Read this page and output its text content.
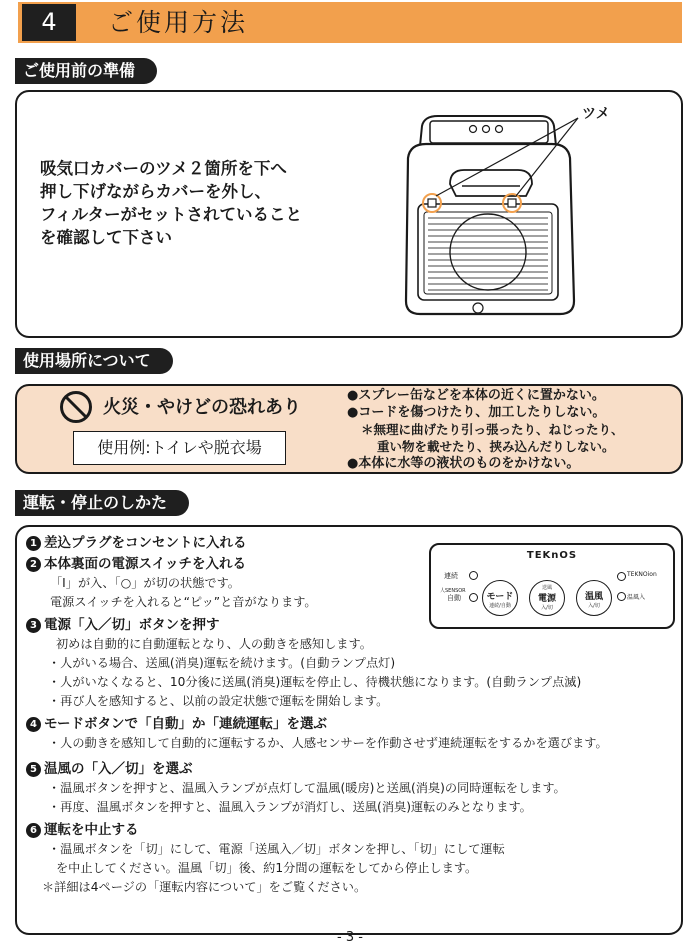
4	ご使用方法
ご使用前の準備
吸気口カバーのツメ２箇所を下へ
押し下げながらカバーを外し、
フィルターがセットされていること
を確認して下さい
ツメ
使用場所について
火災・やけどの恐れあり
使用例:トイレや脱衣場
●スプレー缶などを本体の近くに置かない。
●コードを傷つけたり、加工したりしない。
＊無理に曲げたり引っ張ったり、ねじったり、
重い物を載せたり、挟み込んだりしない。
●本体に水等の液状のものをかけない。
運転・停止のしかた
1 差込プラグをコンセントに入れる
2 本体裏面の電源スイッチを入れる
「I」が入、「○」が切の状態です。
電源スイッチを入れると“ピッ”と音がなります。
3 電源「入／切」ボタンを押す
初めは自動的に自動運転となり、人の動きを感知します。
・人がいる場合、送風(消臭)運転を続けます。(自動ランプ点灯)
・人がいなくなると、10分後に送風(消臭)運転を停止し、待機状態になります。(自動ランプ点滅)
・再び人を感知すると、以前の設定状態で運転を開始します。
4 モードボタンで「自動」か「連続運転」を選ぶ
・人の動きを感知して自動的に運転するか、人感センサーを作動させず連続運転をするかを選びます。
5 温風の「入／切」を選ぶ
・温風ボタンを押すと、温風入ランプが点灯して温風(暖房)と送風(消臭)の同時運転をします。
・再度、温風ボタンを押すと、温風入ランプが消灯し、送風(消臭)運転のみとなります。
6 運転を中止する
・温風ボタンを「切」にして、電源「送風入／切」ボタンを押し、「切」にして運転
を中止してください。温風「切」後、約1分間の運転をしてから停止します。
＊詳細は4ページの「運転内容について」をご覧ください。
TEKnOS
連続
人SENSOR
自動	モード
連続/自動
送風
電源
入/切
温風
入/切
TEKNOion
温風入
- 3 -
